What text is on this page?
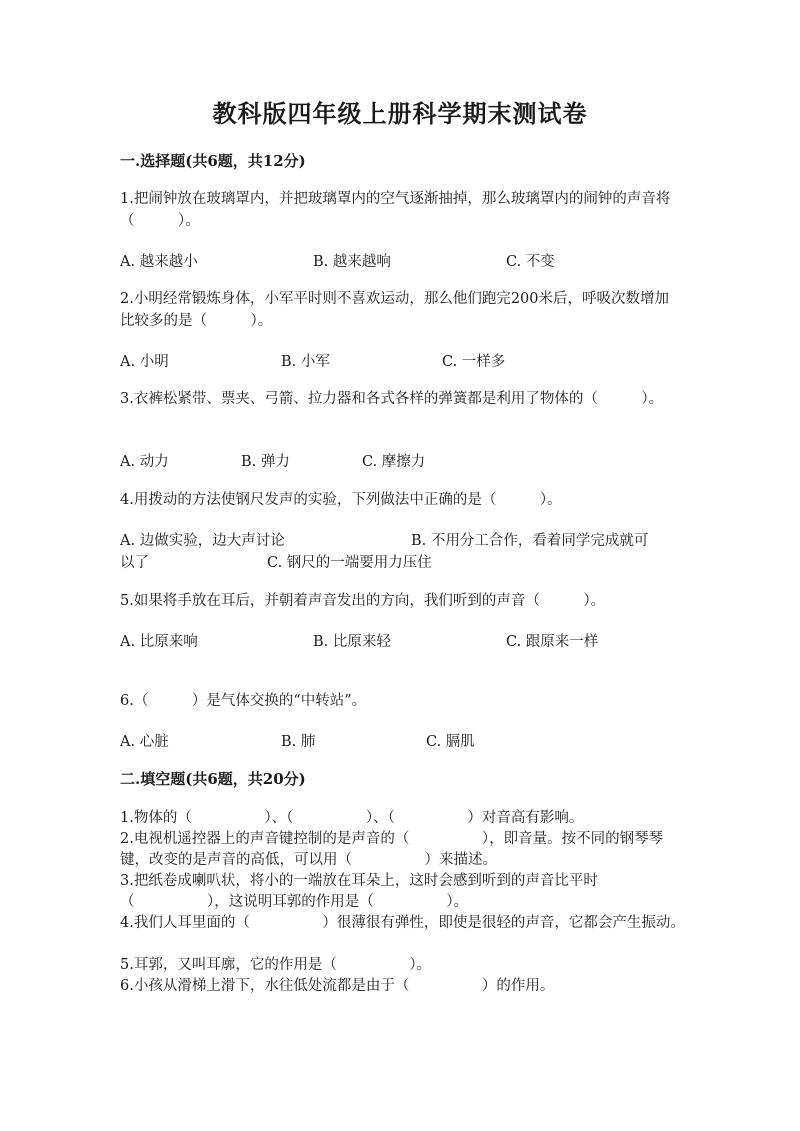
教科版四年级上册科学期末测试卷
一.选择题(共6题，共12分)
1.把闹钟放在玻璃罩内，并把玻璃罩内的空气逐渐抽掉，那么玻璃罩内的闹钟的声音将（　　　）。
A. 越来越小	B. 越来越响	C. 不变
2.小明经常锻炼身体，小军平时则不喜欢运动，那么他们跑完200米后，呼吸次数增加比较多的是（　　　）。
A. 小明	B. 小军	C. 一样多
3.衣裤松紧带、票夹、弓箭、拉力器和各式各样的弹簧都是利用了物体的（　　　）。
A. 动力	B. 弹力	C. 摩擦力
4.用拨动的方法使钢尺发声的实验，下列做法中正确的是（　　　）。
A. 边做实验，边大声讨论	B. 不用分工合作，看着同学完成就可
以了	C. 钢尺的一端要用力压住
5.如果将手放在耳后，并朝着声音发出的方向，我们听到的声音（　　　）。
A. 比原来响	B. 比原来轻	C. 跟原来一样
6.（　　　）是气体交换的“中转站”。
A. 心脏	B. 肺	C. 膈肌
二.填空题(共6题，共20分)
1.物体的（　　　　　）、（　　　　　）、（　　　　　）对音高有影响。
2.电视机遥控器上的声音键控制的是声音的（　　　　　），即音量。按不同的钢琴琴键，改变的是声音的高低，可以用（　　　　　）来描述。
3.把纸卷成喇叭状，将小的一端放在耳朵上，这时会感到听到的声音比平时（　　　　　），这说明耳郭的作用是（　　　　　）。
4.我们人耳里面的（　　　　　）很薄很有弹性，即使是很轻的声音，它都会产生振动。
5.耳郭，又叫耳廓，它的作用是（　　　　　）。
6.小孩从滑梯上滑下，水往低处流都是由于（　　　　　）的作用。
